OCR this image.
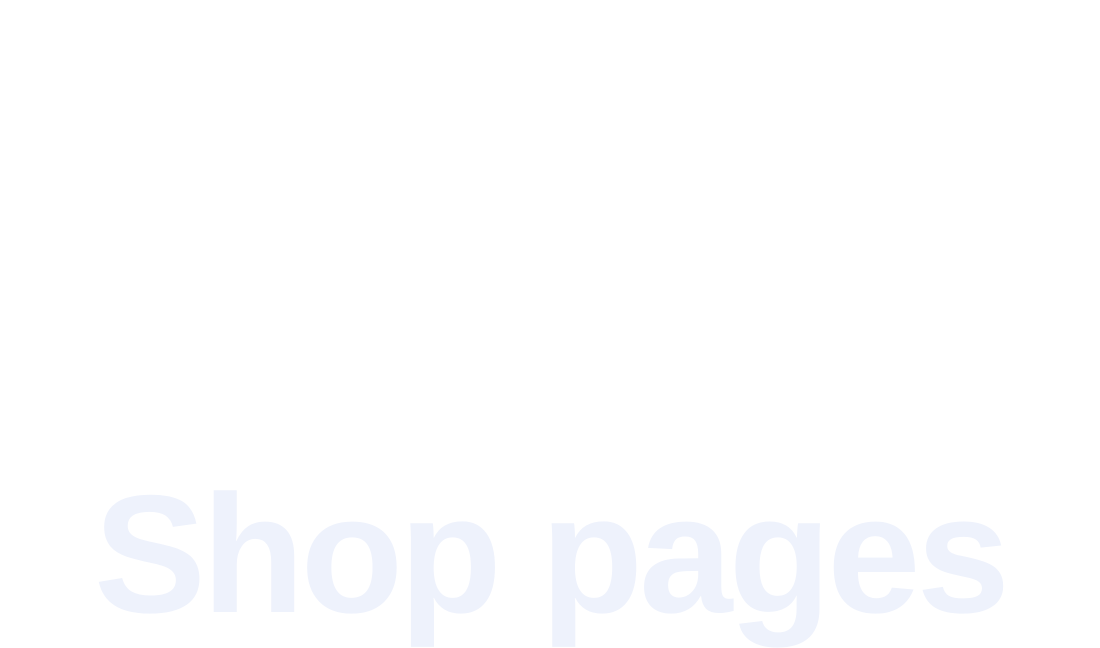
Shop pages
